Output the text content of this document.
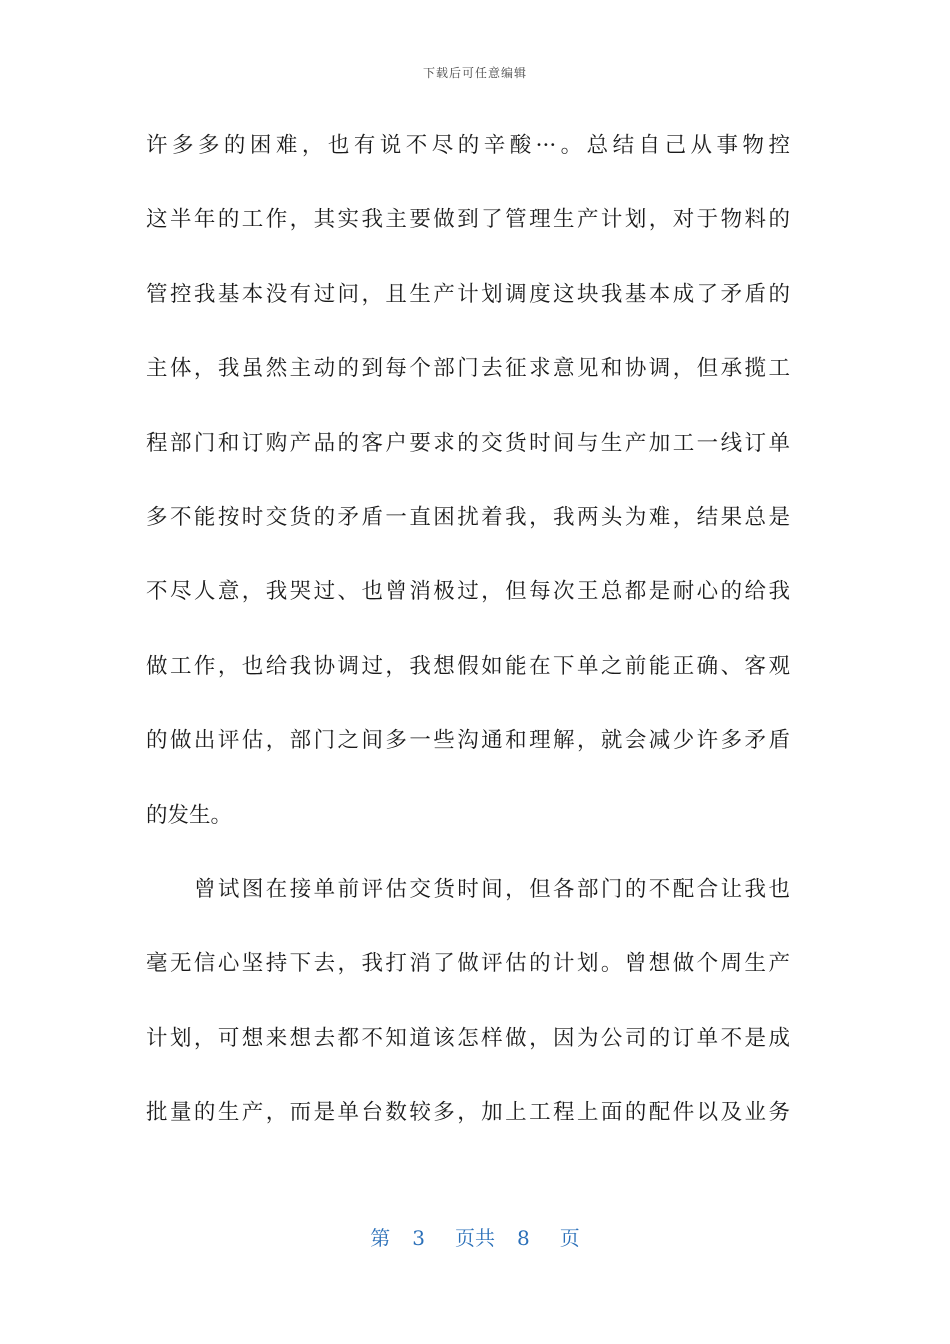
下载后可任意编辑
许多多的困难，也有说不尽的辛酸···。总结自己从事物控
这半年的工作，其实我主要做到了管理生产计划，对于物料的
管控我基本没有过问，且生产计划调度这块我基本成了矛盾的
主体，我虽然主动的到每个部门去征求意见和协调，但承揽工
程部门和订购产品的客户要求的交货时间与生产加工一线订单
多不能按时交货的矛盾一直困扰着我，我两头为难，结果总是
不尽人意，我哭过、也曾消极过，但每次王总都是耐心的给我
做工作，也给我协调过，我想假如能在下单之前能正确、客观
的做出评估，部门之间多一些沟通和理解，就会减少许多矛盾
的发生。
曾试图在接单前评估交货时间，但各部门的不配合让我也
毫无信心坚持下去，我打消了做评估的计划。曾想做个周生产
计划，可想来想去都不知道该怎样做，因为公司的订单不是成
批量的生产，而是单台数较多，加上工程上面的配件以及业务
第 3 页共 8 页
